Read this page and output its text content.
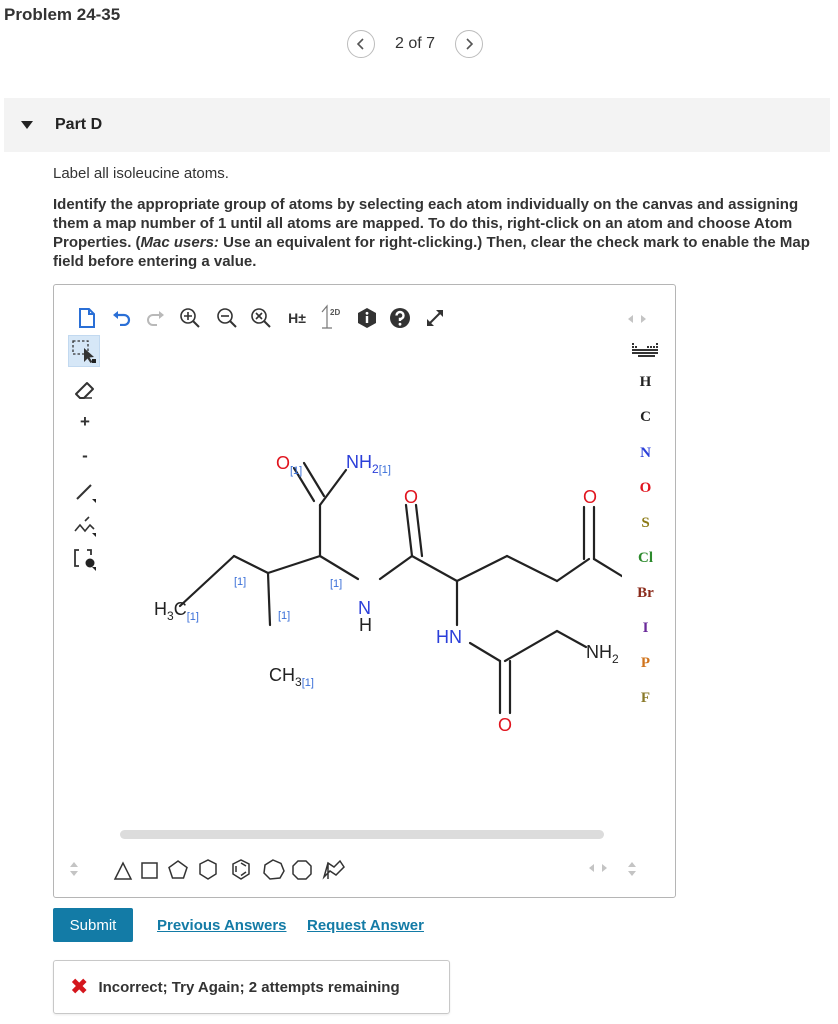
Problem 24-35
2 of 7
Part D
Label all isoleucine atoms.
Identify the appropriate group of atoms by selecting each atom individually on the canvas and assigning them a map number of 1 until all atoms are mapped. To do this, right-click on an atom and choose Atom Properties. (Mac users: Use an equivalent for right-clicking.) Then, clear the check mark to enable the Map field before entering a value.
H±	2D
+
-	O [1] $NH_2[1]$
O	O
$H_3C_{[1]}$
[1]
[1]
[1]
N
H
$CH_3[1]$
HN
$NH_2$
O
H
C
N
O
S
Cl
Br
I
P
F
Submit	Previous Answers Request Answer
✖ Incorrect; Try Again; 2 attempts remaining
